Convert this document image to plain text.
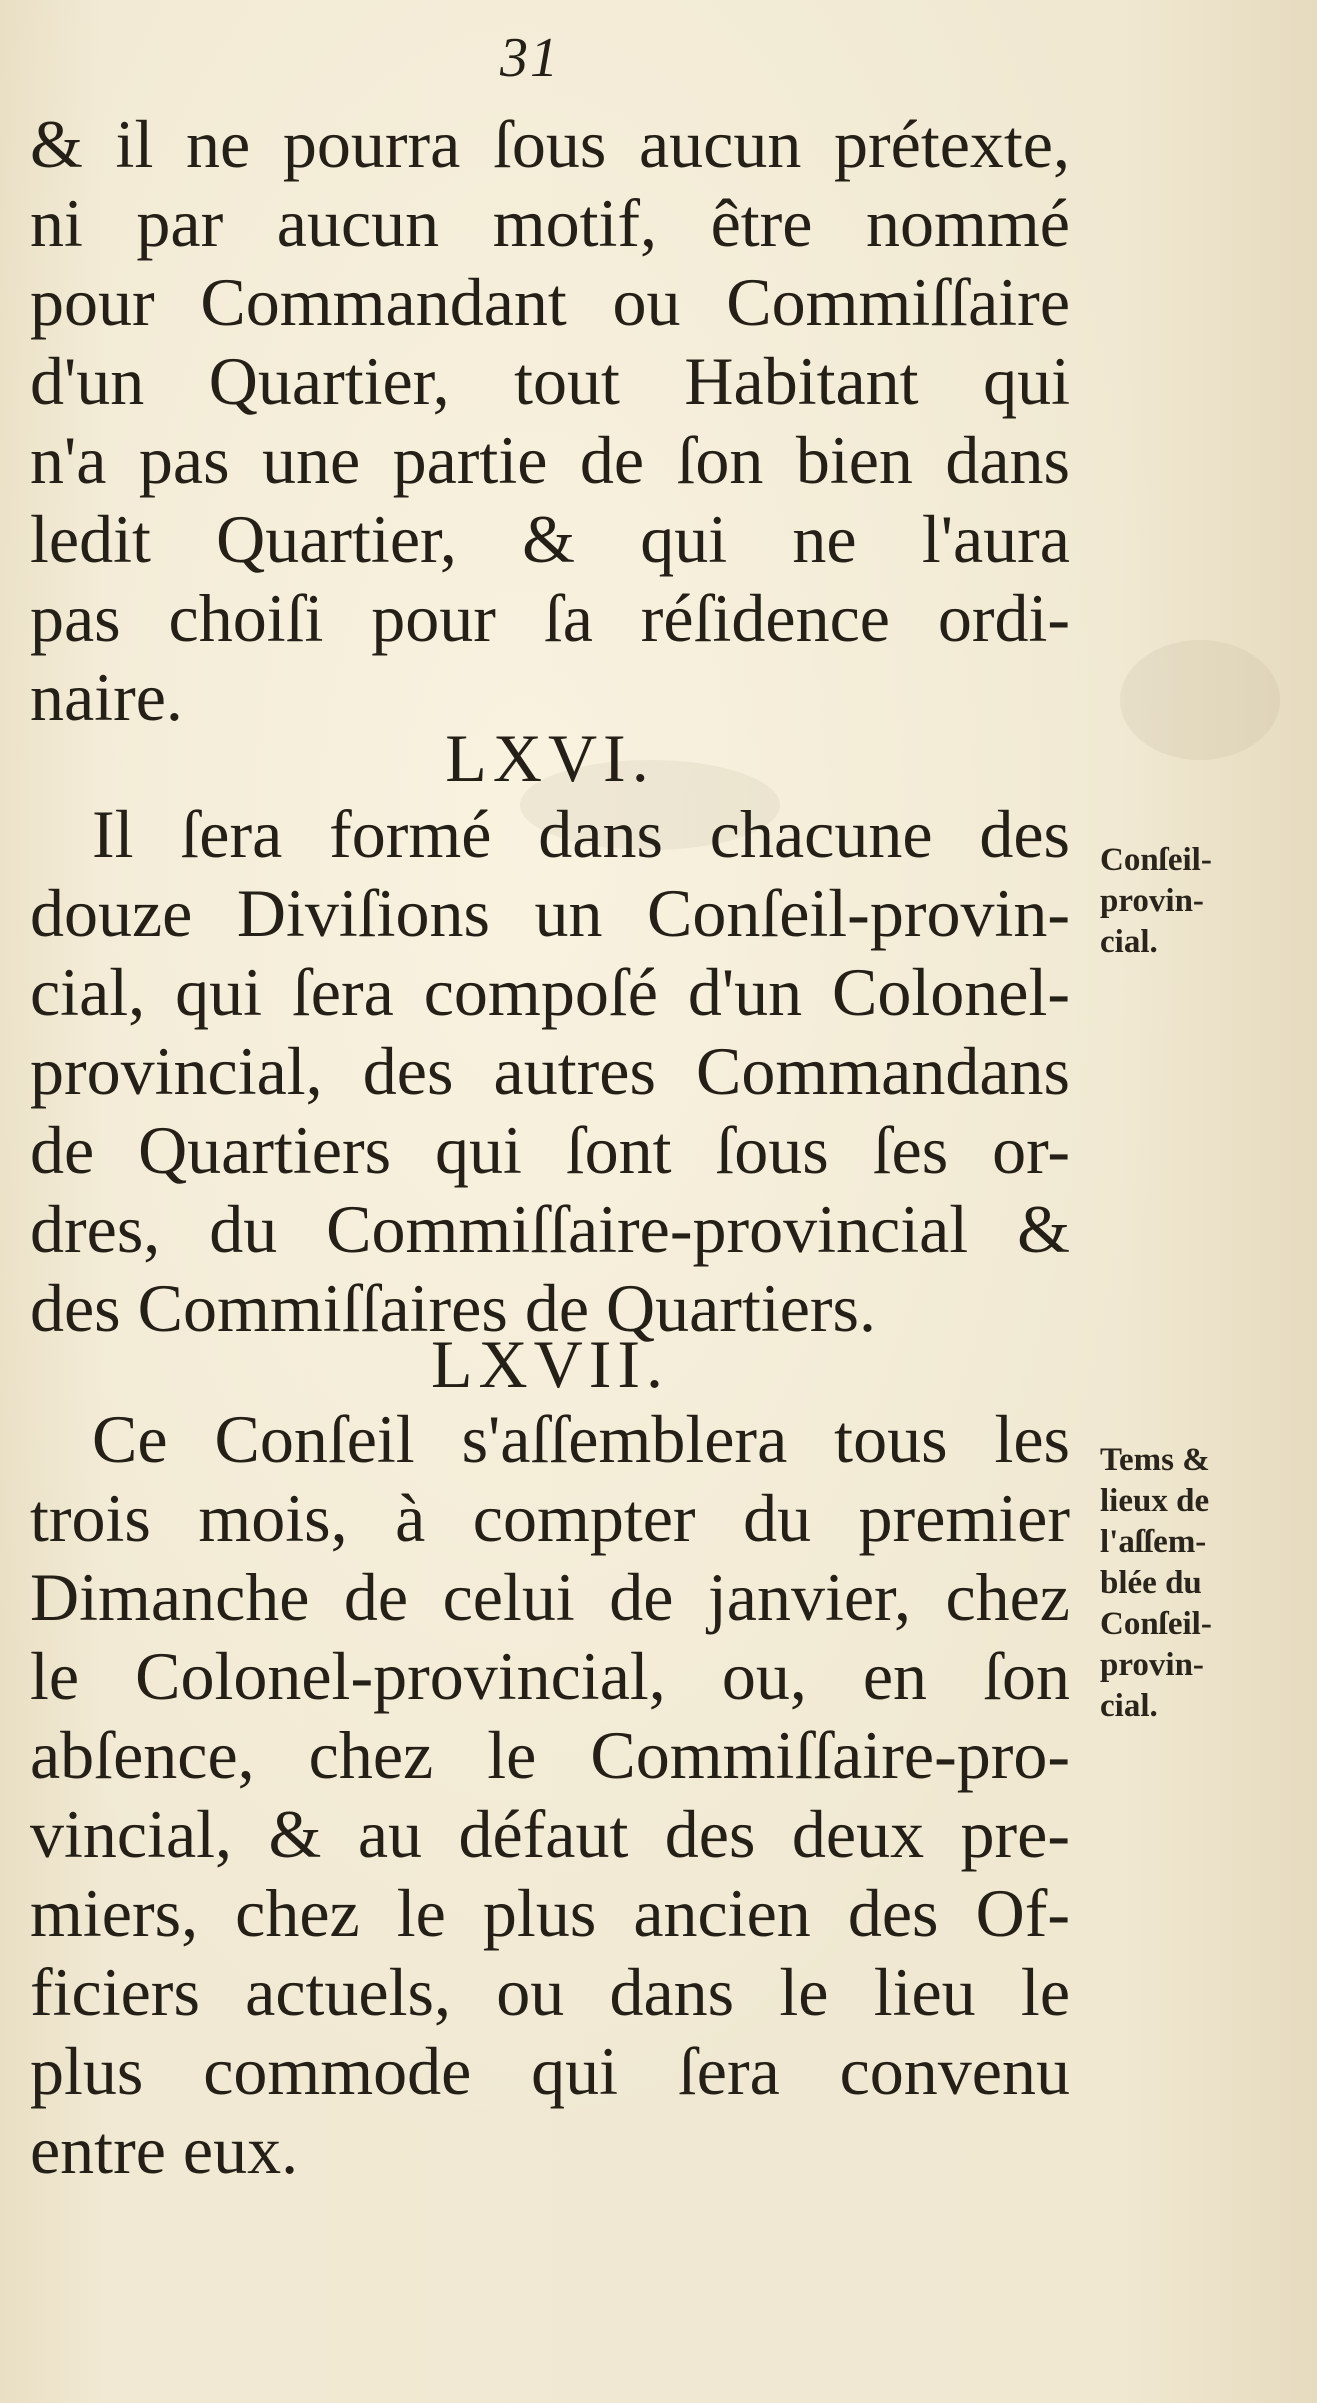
31
& il ne pourra ſous aucun prétexte,
ni par aucun motif, être nommé
pour Commandant ou Commiſſaire
d'un Quartier, tout Habitant qui
n'a pas une partie de ſon bien dans
ledit Quartier, & qui ne l'aura
pas choiſi pour ſa réſidence ordi-
naire.
LXVI.
Il ſera formé dans chacune des
douze Diviſions un Conſeil-provin-
cial, qui ſera compoſé d'un Colonel-
provincial, des autres Commandans
de Quartiers qui ſont ſous ſes or-
dres, du Commiſſaire-provincial &
des Commiſſaires de Quartiers.
Conſeil-
provin-
cial.
LXVII.
Ce Conſeil s'aſſemblera tous les
trois mois, à compter du premier
Dimanche de celui de janvier, chez
le Colonel-provincial, ou, en ſon
abſence, chez le Commiſſaire-pro-
vincial, & au défaut des deux pre-
miers, chez le plus ancien des Of-
ficiers actuels, ou dans le lieu le
plus commode qui ſera convenu
entre eux.
Tems &
lieux de
l'aſſem-
blée du
Conſeil-
provin-
cial.
